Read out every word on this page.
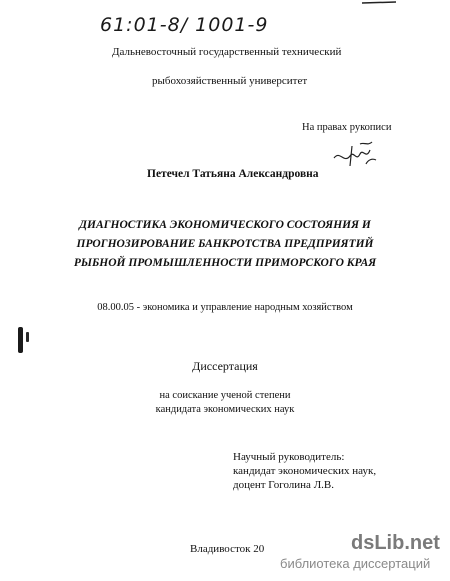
61:01-8/ 1001-9
Дальневосточный государственный технический
рыбохозяйственный университет
На правах рукописи
Петечел Татьяна Александровна
ДИАГНОСТИКА ЭКОНОМИЧЕСКОГО СОСТОЯНИЯ И
ПРОГНОЗИРОВАНИЕ БАНКРОТСТВА ПРЕДПРИЯТИЙ
РЫБНОЙ ПРОМЫШЛЕННОСТИ ПРИМОРСКОГО КРАЯ
08.00.05 - экономика и управление народным хозяйством
Диссертация
на соискание ученой степени
кандидата экономических наук
Научный руководитель:
кандидат экономических наук,
доцент Гоголина Л.В.
Владивосток 20	dsLib.net
библиотека диссертаций
